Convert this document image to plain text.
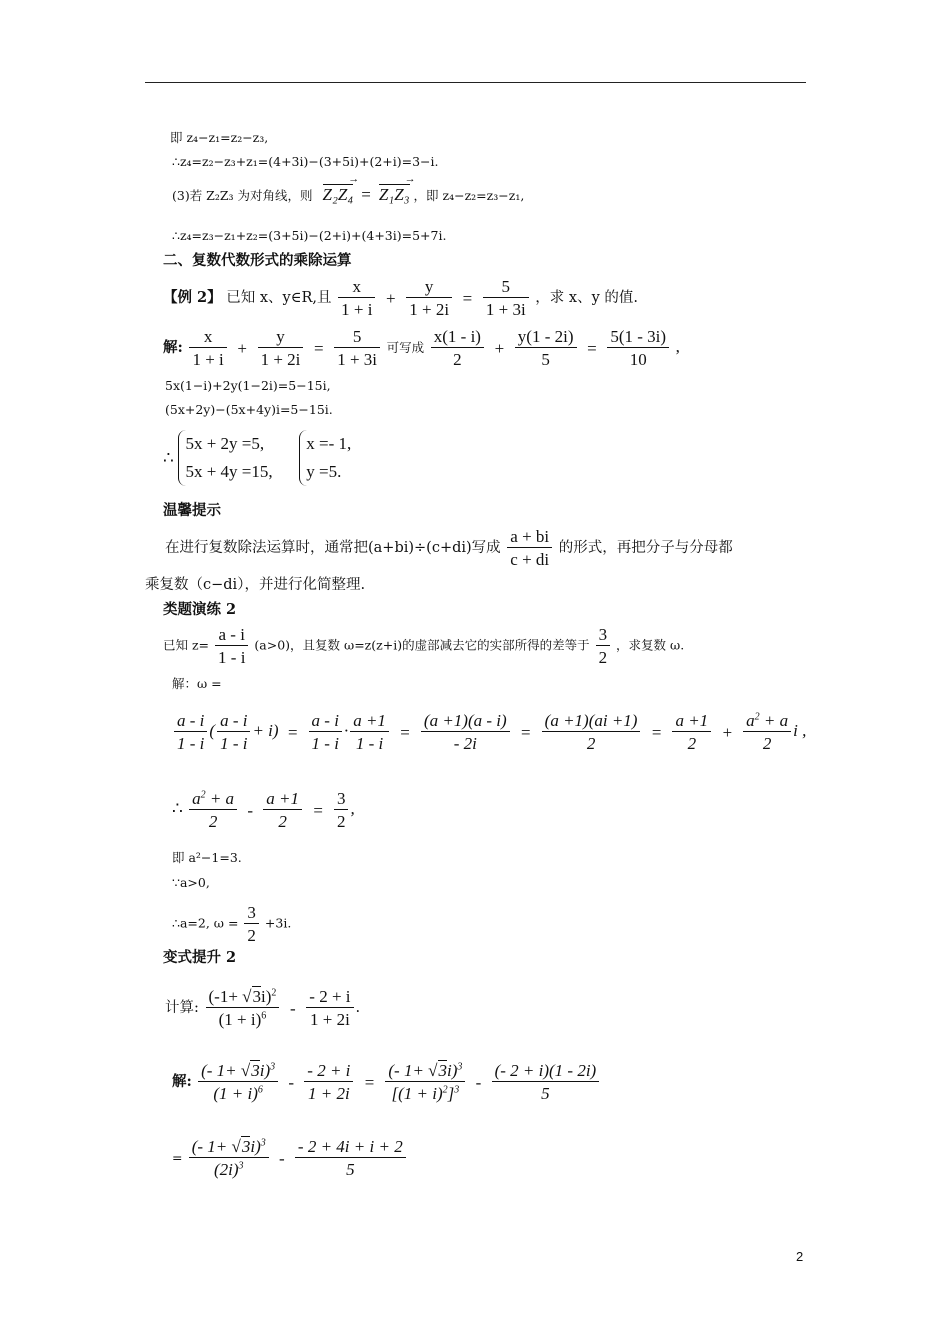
即 z₄−z₁=z₂−z₃,
∴z₄=z₂−z₃+z₁=(4+3i)−(3+5i)+(2+i)=3−i.
(3)若 Z₂Z₃ 为对角线，则 Z₂Z₄ → = Z₁Z₃ → ，即 z₄−z₂=z₃−z₁,
∴z₄=z₃−z₁+z₂=(3+5i)−(2+i)+(4+3i)=5+7i.
二、复数代数形式的乘除运算
【例 2】 已知 x、y∈R,且 $\frac{x}{1 + i} + \frac{y}{1 + 2i} = \frac{5}{1 + 3i}$ ，求 x、y 的值.
解: $\frac{x}{1 + i} + \frac{y}{1 + 2i} = \frac{5}{1 + 3i}$ 可写成 $\frac{x(1 - i)}{2} + \frac{y(1 - 2i)}{5} = \frac{5(1 - 3i)}{10}$ ,
5x(1−i)+2y(1−2i)=5−15i,
(5x+2y)−(5x+4y)i=5−15i.
∴
5x + 2y =5,
5x + 4y =15,

x =- 1,
y =5.
温馨提示
在进行复数除法运算时，通常把(a+bi)÷(c+di)写成 $\frac{a + bi}{c + di}$ 的形式，再把分子与分母都
乘复数（c−di），并进行化简整理.
类题演练 2
已知 $z= \frac{a - i}{1 - i} (a>0)$，且复数 ω=z(z+i)的虚部减去它的实部所得的差等于 $\frac{3}{2}$ ，求复数 ω.
解：ω =
$\frac{a - i}{1 - i}$ ( $\frac{a - i}{1 - i} + i) = \frac{a - i}{1 - i} \cdot \frac{a +1}{1 - i} = \frac{(a +1)(a - i)}{- 2i} = \frac{(a +1)(ai +1)}{2} = \frac{a +1}{2} + \frac{a^2 + a}{2}$ i ,
∴ $\frac{a^2 + a}{2} - \frac{a +1}{2} = \frac{3}{2}$ ,
即 a²−1=3.
∵a>0,
∴a=2, $\omega = \frac{3}{2} +3i$.
变式提升 2
计算: $\frac{(-1+ √3i)^2}{(1 + i)^6} - \frac{- 2 + i}{1 + 2i}$ .
解: $\frac{(- 1+ √3i)^3}{(1 + i)^6} - \frac{- 2 + i}{1 + 2i} = \frac{(- 1+ √3i)^3}{[(1 + i)^2]^3} - \frac{(- 2 + i)(1 - 2i)}{5}$
= $\frac{(- 1+ √3i)^3}{(2i)^3} - \frac{- 2 + 4i + i + 2}{5}$
2
